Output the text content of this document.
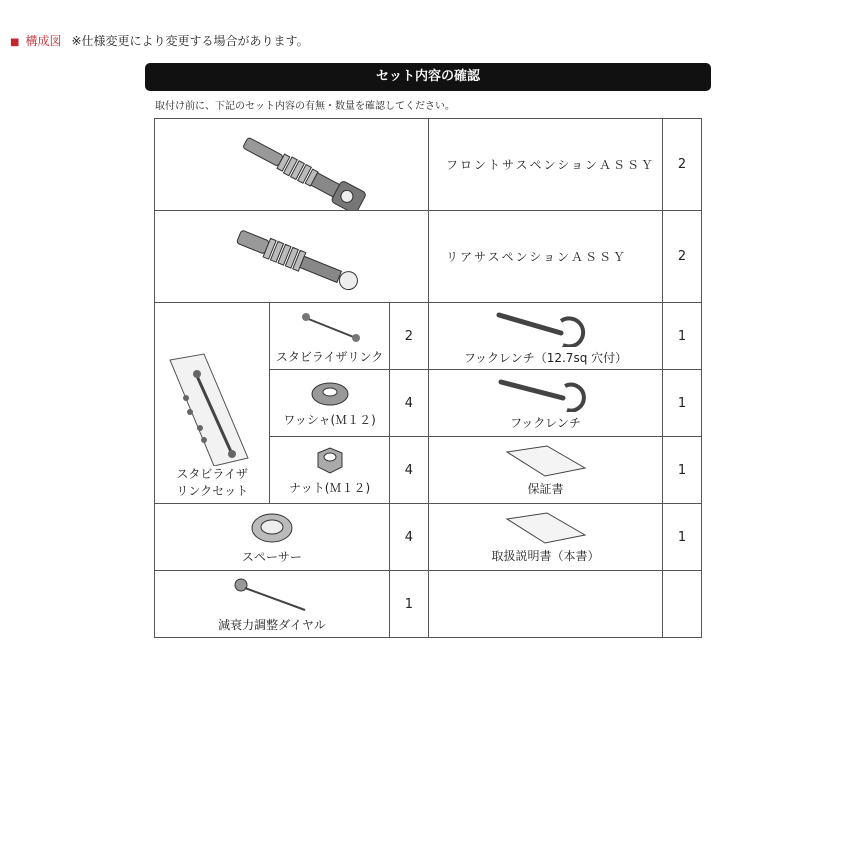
■ 構成図 ※仕様変更により変更する場合があります。
セット内容の確認
取付け前に、下記のセット内容の有無・数量を確認してください。
	フロントサスペンションＡＳＳＹ	2

	リアサスペンションＡＳＳＹ	2

スタビライザ
リンクセット	スタビライザリンク	2	フックレンチ（12.7sq 穴付）	1

	ワッシャ(Ｍ１２)	4	フックレンチ	1

	ナット(Ｍ１２)	4	保証書	1

スペーサー		4	取扱説明書（本書）	1

減衰力調整ダイヤル		1		
